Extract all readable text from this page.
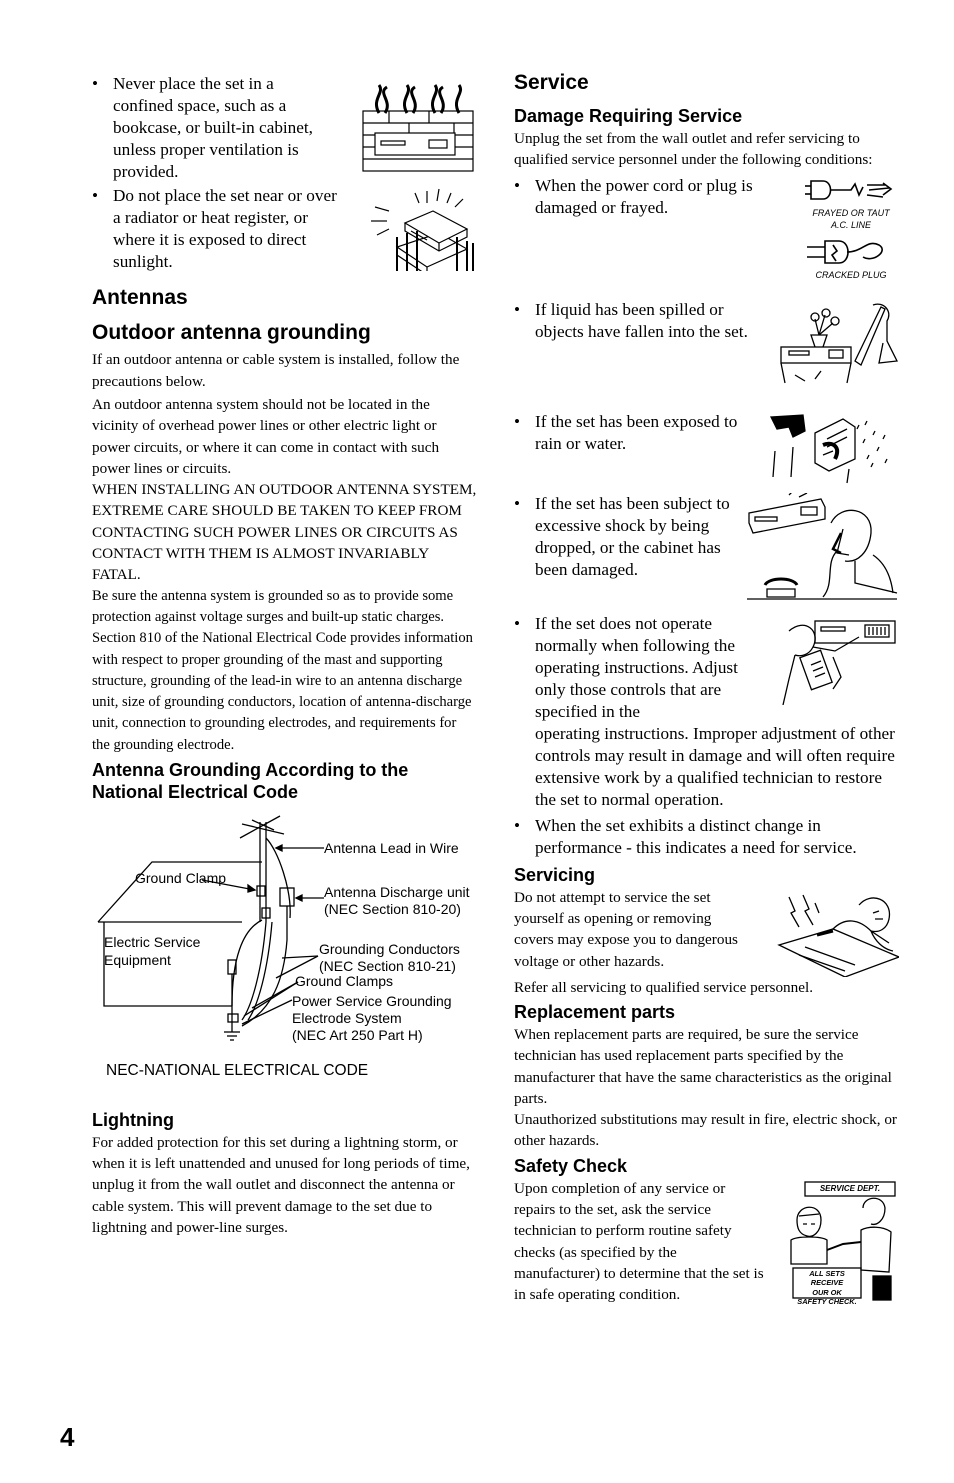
• Never place the set in a confined space, such as a bookcase, or built-in cabinet, unless proper ventilation is provided.
• Do not place the set near or over a radiator or heat register, or where it is exposed to direct sunlight.
Antennas
Outdoor antenna grounding

If an outdoor antenna or cable system is installed, follow the precautions below.

An outdoor antenna system should not be located in the vicinity of overhead power lines or other electric light or power circuits, or where it can come in contact with such power lines or circuits.

WHEN INSTALLING AN OUTDOOR ANTENNA SYSTEM, EXTREME CARE SHOULD BE TAKEN TO KEEP FROM CONTACTING SUCH POWER LINES OR CIRCUITS AS CONTACT WITH THEM IS ALMOST INVARIABLY FATAL.

Be sure the antenna system is grounded so as to provide some protection against voltage surges and built-up static charges. Section 810 of the National Electrical Code provides information with respect to proper grounding of the mast and supporting structure, grounding of the lead-in wire to an antenna discharge unit, size of grounding conductors, location of antenna-discharge unit, connection to grounding electrodes, and requirements for the grounding electrode.

Antenna Grounding According to the National Electrical Code
Antenna Lead in Wire
Ground Clamp
Antenna Discharge unit
(NEC Section 810-20)
Electric Service
Equipment
Grounding Conductors
(NEC Section 810-21)
Ground Clamps
Power Service Grounding
Electrode System
(NEC Art 250 Part H)
NEC-NATIONAL ELECTRICAL CODE
Lightning

For added protection for this set during a lightning storm, or when it is left unattended and unused for long periods of time, unplug it from the wall outlet and disconnect the antenna or cable system. This will prevent damage to the set due to lightning and power-line surges.

Service
Damage Requiring Service

Unplug the set from the wall outlet and refer servicing to qualified service personnel under the following conditions:

• When the power cord or plug is damaged or frayed.	FRAYED OR TAUT
A.C. LINE
CRACKED PLUG
• If liquid has been spilled or objects have fallen into the set.
• If the set has been exposed to rain or water.
• If the set has been subject to excessive shock by being dropped, or the cabinet has been damaged.
• If the set does not operate normally when following the operating instructions. Adjust only those controls that are specified in the
operating instructions. Improper adjustment of other controls may result in damage and will often require extensive work by a qualified technician to restore the set to normal operation.
• When the set exhibits a distinct change in performance - this indicates a need for service.
Servicing

Do not attempt to service the set yourself as opening or removing covers may expose you to dangerous voltage or other hazards.

Refer all servicing to qualified service personnel.

Replacement parts

When replacement parts are required, be sure the service technician has used replacement parts specified by the manufacturer that have the same characteristics as the original parts.

Unauthorized substitutions may result in fire, electric shock, or other hazards.

Safety Check

Upon completion of any service or repairs to the set, ask the service technician to perform routine safety checks (as specified by the manufacturer) to determine that the set is in safe operating condition.

SERVICE DEPT.
ALL SETS RECEIVE
OUR OK
SAFETY CHECK.
4
